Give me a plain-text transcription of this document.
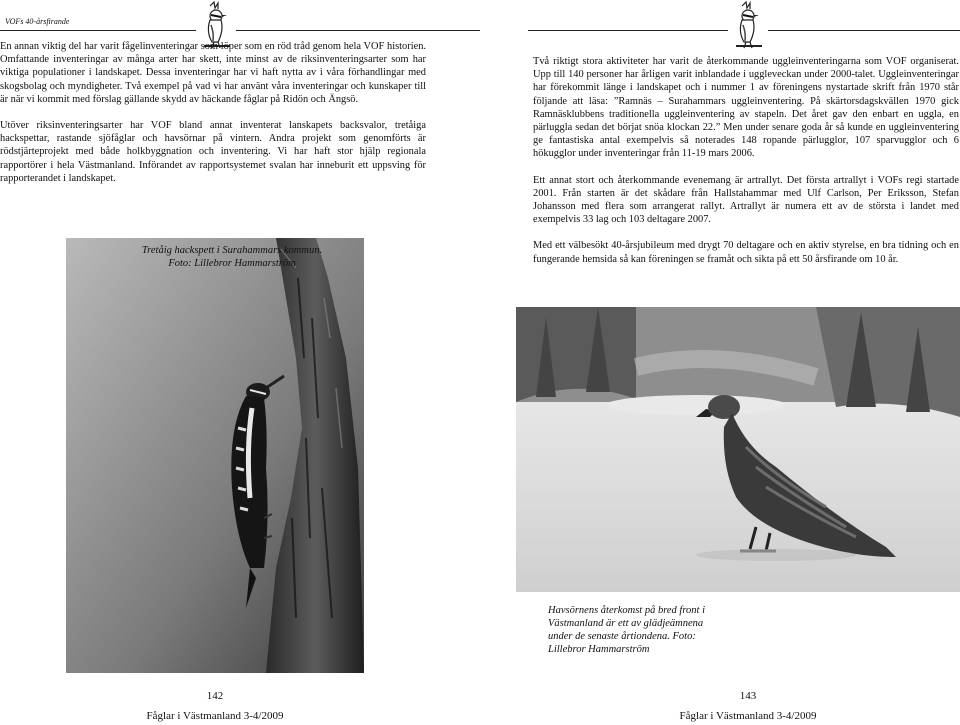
VOFs 40-årsfirande

En annan viktig del har varit fågelinventeringar som löper som en röd tråd genom hela VOF historien. Omfattande inventeringar av många arter har skett, inte minst av de riksinventeringsarter som har viktiga populationer i landskapet. Dessa inventeringar har vi haft nytta av i våra förhandlingar med skogsbolag och myndigheter. Två exempel på vad vi har använt våra inventeringar och kunskaper till är när vi kommit med förslag gällande skydd av häckande fåglar på Ridön och Ängsö.

Utöver riksinventeringsarter har VOF bland annat inventerat lanskapets backsvalor, tretåiga hackspettar, rastande sjöfåglar och havsörnar på vintern. Andra projekt som genomförts är rödstjärteprojekt med både holkbyggnation och inventering. Vi har haft stor hjälp regionala rapportörer i hela Västmanland. Införandet av rapportsystemet svalan har inneburit ett uppsving för rapporterandet i landskapet.

Tretåig hackspett i Surahammars kommun.
Foto: Lillebror Hammarström
142
Fåglar i Västmanland 3-4/2009

Två riktigt stora aktiviteter har varit de återkommande uggleinventeringarna som VOF organiserat. Upp till 140 personer har årligen varit inblandade i uggleveckan under 2000-talet. Uggleinventeringar har förekommit länge i landskapet och i nummer 1 av föreningens nystartade skrift från 1970 står följande att läsa: ”Ramnäs – Surahammars uggleinventering. På skärtorsdagskvällen 1970 gick Ramnäsklubbens traditionella uggleinventering av stapeln. Det året gav den enbart en uggla, en pärluggla sedan det börjat snöa klockan 22.” Men under senare goda år så kunde en uggleinventering ge fantastiska antal exempelvis så noterades 148 ropande pärlugglor, 107 sparvugglor och 6 hökugglor under inventeringar från 11-19 mars 2006.

Ett annat stort och återkommande evenemang är artrallyt. Det första artrallyt i VOFs regi startade 2001. Från starten är det skådare från Hallstahammar med Ulf Carlson, Per Eriksson, Stefan Johansson med flera som arrangerat rallyt. Artrallyt är numera ett av de största i landet med exempelvis 33 lag och 103 deltagare 2007.

Med ett välbesökt 40-årsjubileum med drygt 70 deltagare och en aktiv styrelse, en bra tidning och en fungerande hemsida så kan föreningen se framåt och sikta på ett 50 årsfirande om 10 år.

Havsörnens återkomst på bred front i Västmanland är ett av glädjeämnena under de senaste årtiondena. Foto: Lillebror Hammarström
143
Fåglar i Västmanland 3-4/2009
